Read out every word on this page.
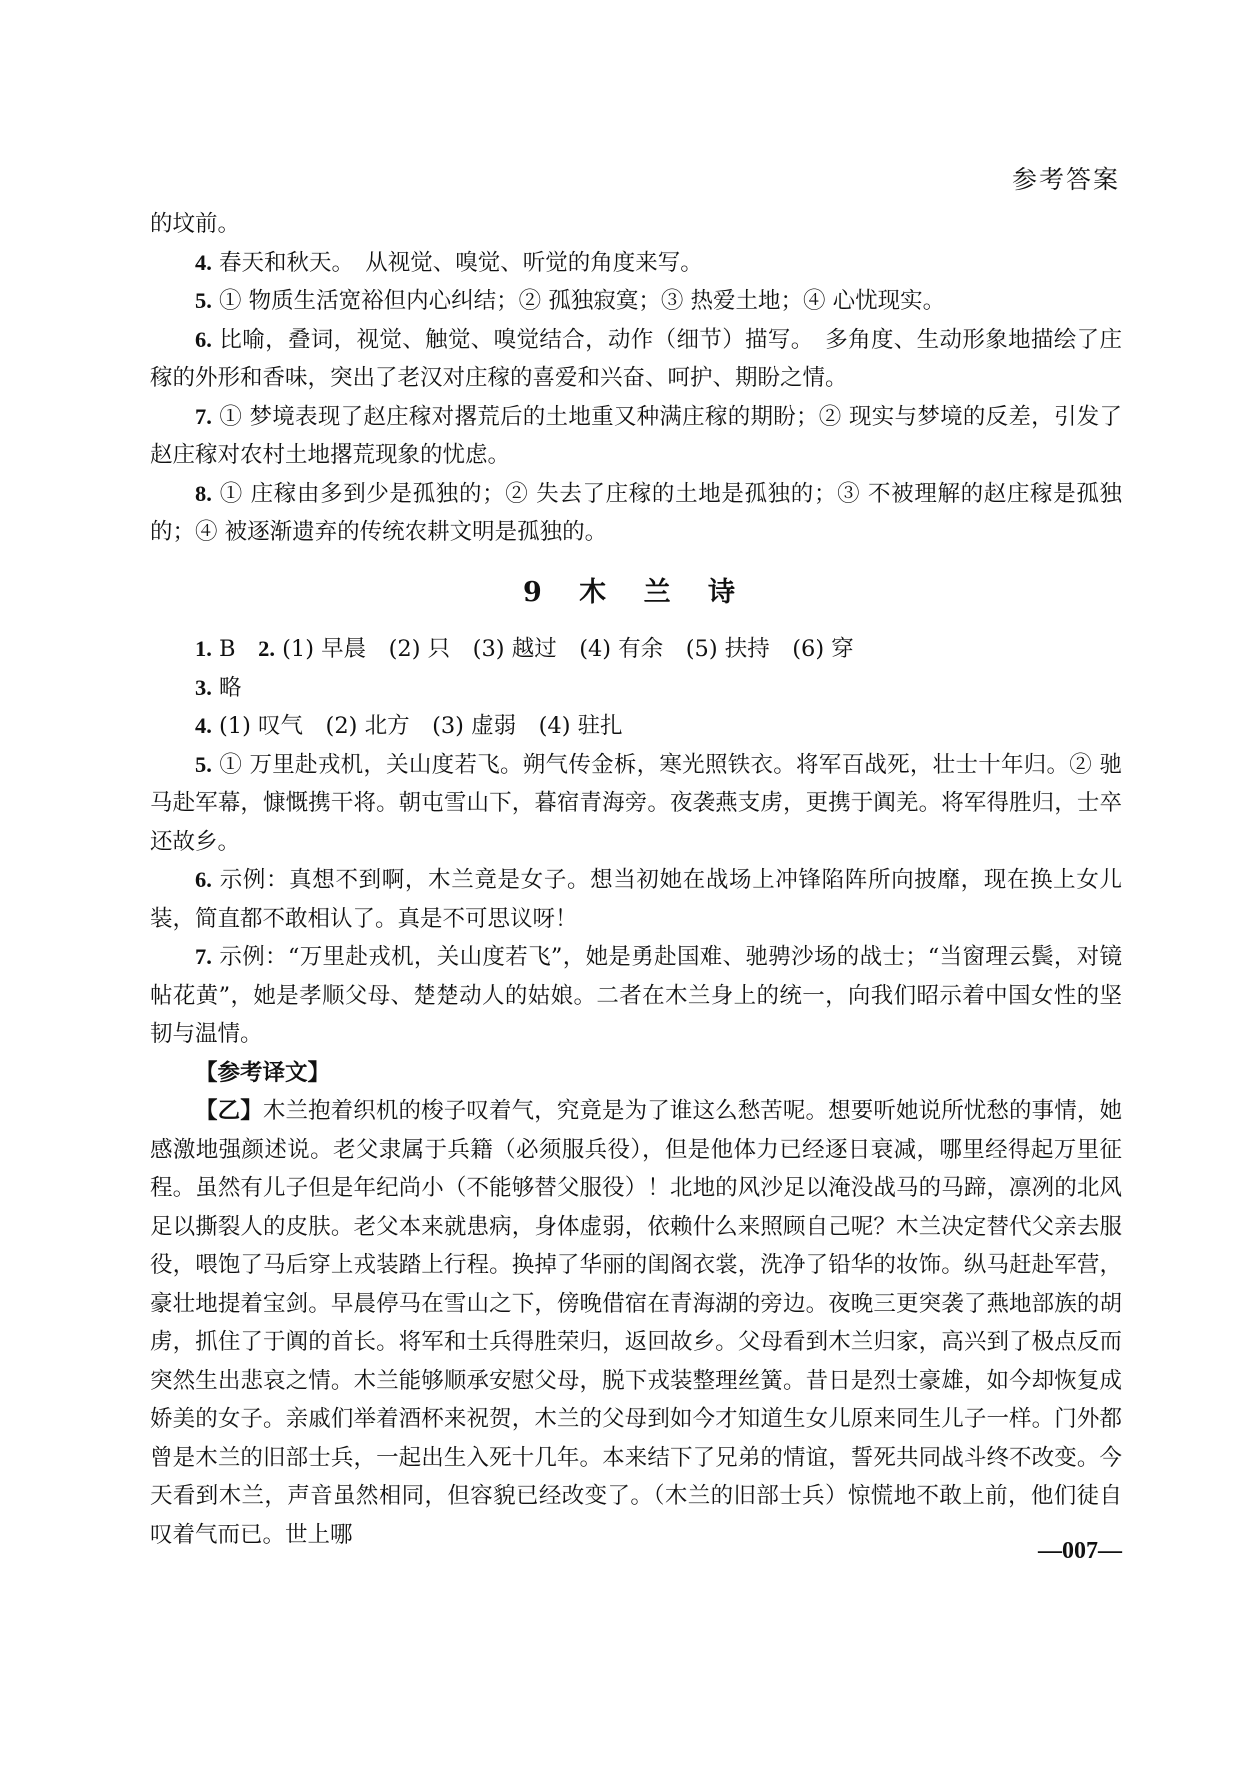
参考答案

的坟前。

4. 春天和秋天。　从视觉、嗅觉、听觉的角度来写。

5. ① 物质生活宽裕但内心纠结；② 孤独寂寞；③ 热爱土地；④ 心忧现实。

6. 比喻，叠词，视觉、触觉、嗅觉结合，动作（细节）描写。　多角度、生动形象地描绘了庄稼的外形和香味，突出了老汉对庄稼的喜爱和兴奋、呵护、期盼之情。

7. ① 梦境表现了赵庄稼对撂荒后的土地重又种满庄稼的期盼；② 现实与梦境的反差，引发了赵庄稼对农村土地撂荒现象的忧虑。

8. ① 庄稼由多到少是孤独的；② 失去了庄稼的土地是孤独的；③ 不被理解的赵庄稼是孤独的；④ 被逐渐遗弃的传统农耕文明是孤独的。

9 木 兰 诗

1. B　 2. (1) 早晨　(2) 只　(3) 越过　(4) 有余　(5) 扶持　(6) 穿

3. 略

4. (1) 叹气　(2) 北方　(3) 虚弱　(4) 驻扎

5. ① 万里赴戎机，关山度若飞。朔气传金柝，寒光照铁衣。将军百战死，壮士十年归。② 驰马赴军幕，慷慨携干将。朝屯雪山下，暮宿青海旁。夜袭燕支虏，更携于阗羌。将军得胜归，士卒还故乡。

6. 示例：真想不到啊，木兰竟是女子。想当初她在战场上冲锋陷阵所向披靡，现在换上女儿装，简直都不敢相认了。真是不可思议呀！

7. 示例：“万里赴戎机，关山度若飞”，她是勇赴国难、驰骋沙场的战士；“当窗理云鬓，对镜帖花黄”，她是孝顺父母、楚楚动人的姑娘。二者在木兰身上的统一，向我们昭示着中国女性的坚韧与温情。

【参考译文】

【乙】木兰抱着织机的梭子叹着气，究竟是为了谁这么愁苦呢。想要听她说所忧愁的事情，她感激地强颜述说。老父隶属于兵籍（必须服兵役），但是他体力已经逐日衰减，哪里经得起万里征程。虽然有儿子但是年纪尚小（不能够替父服役）！北地的风沙足以淹没战马的马蹄，凛冽的北风足以撕裂人的皮肤。老父本来就患病，身体虚弱，依赖什么来照顾自己呢？木兰决定替代父亲去服役，喂饱了马后穿上戎装踏上行程。换掉了华丽的闺阁衣裳，洗净了铅华的妆饰。纵马赶赴军营，豪壮地提着宝剑。早晨停马在雪山之下，傍晚借宿在青海湖的旁边。夜晚三更突袭了燕地部族的胡虏，抓住了于阗的首长。将军和士兵得胜荣归，返回故乡。父母看到木兰归家，高兴到了极点反而突然生出悲哀之情。木兰能够顺承安慰父母，脱下戎装整理丝簧。昔日是烈士豪雄，如今却恢复成娇美的女子。亲戚们举着酒杯来祝贺，木兰的父母到如今才知道生女儿原来同生儿子一样。门外都曾是木兰的旧部士兵，一起出生入死十几年。本来结下了兄弟的情谊，誓死共同战斗终不改变。今天看到木兰，声音虽然相同，但容貌已经改变了。（木兰的旧部士兵）惊慌地不敢上前，他们徒自叹着气而已。世上哪

—007—
